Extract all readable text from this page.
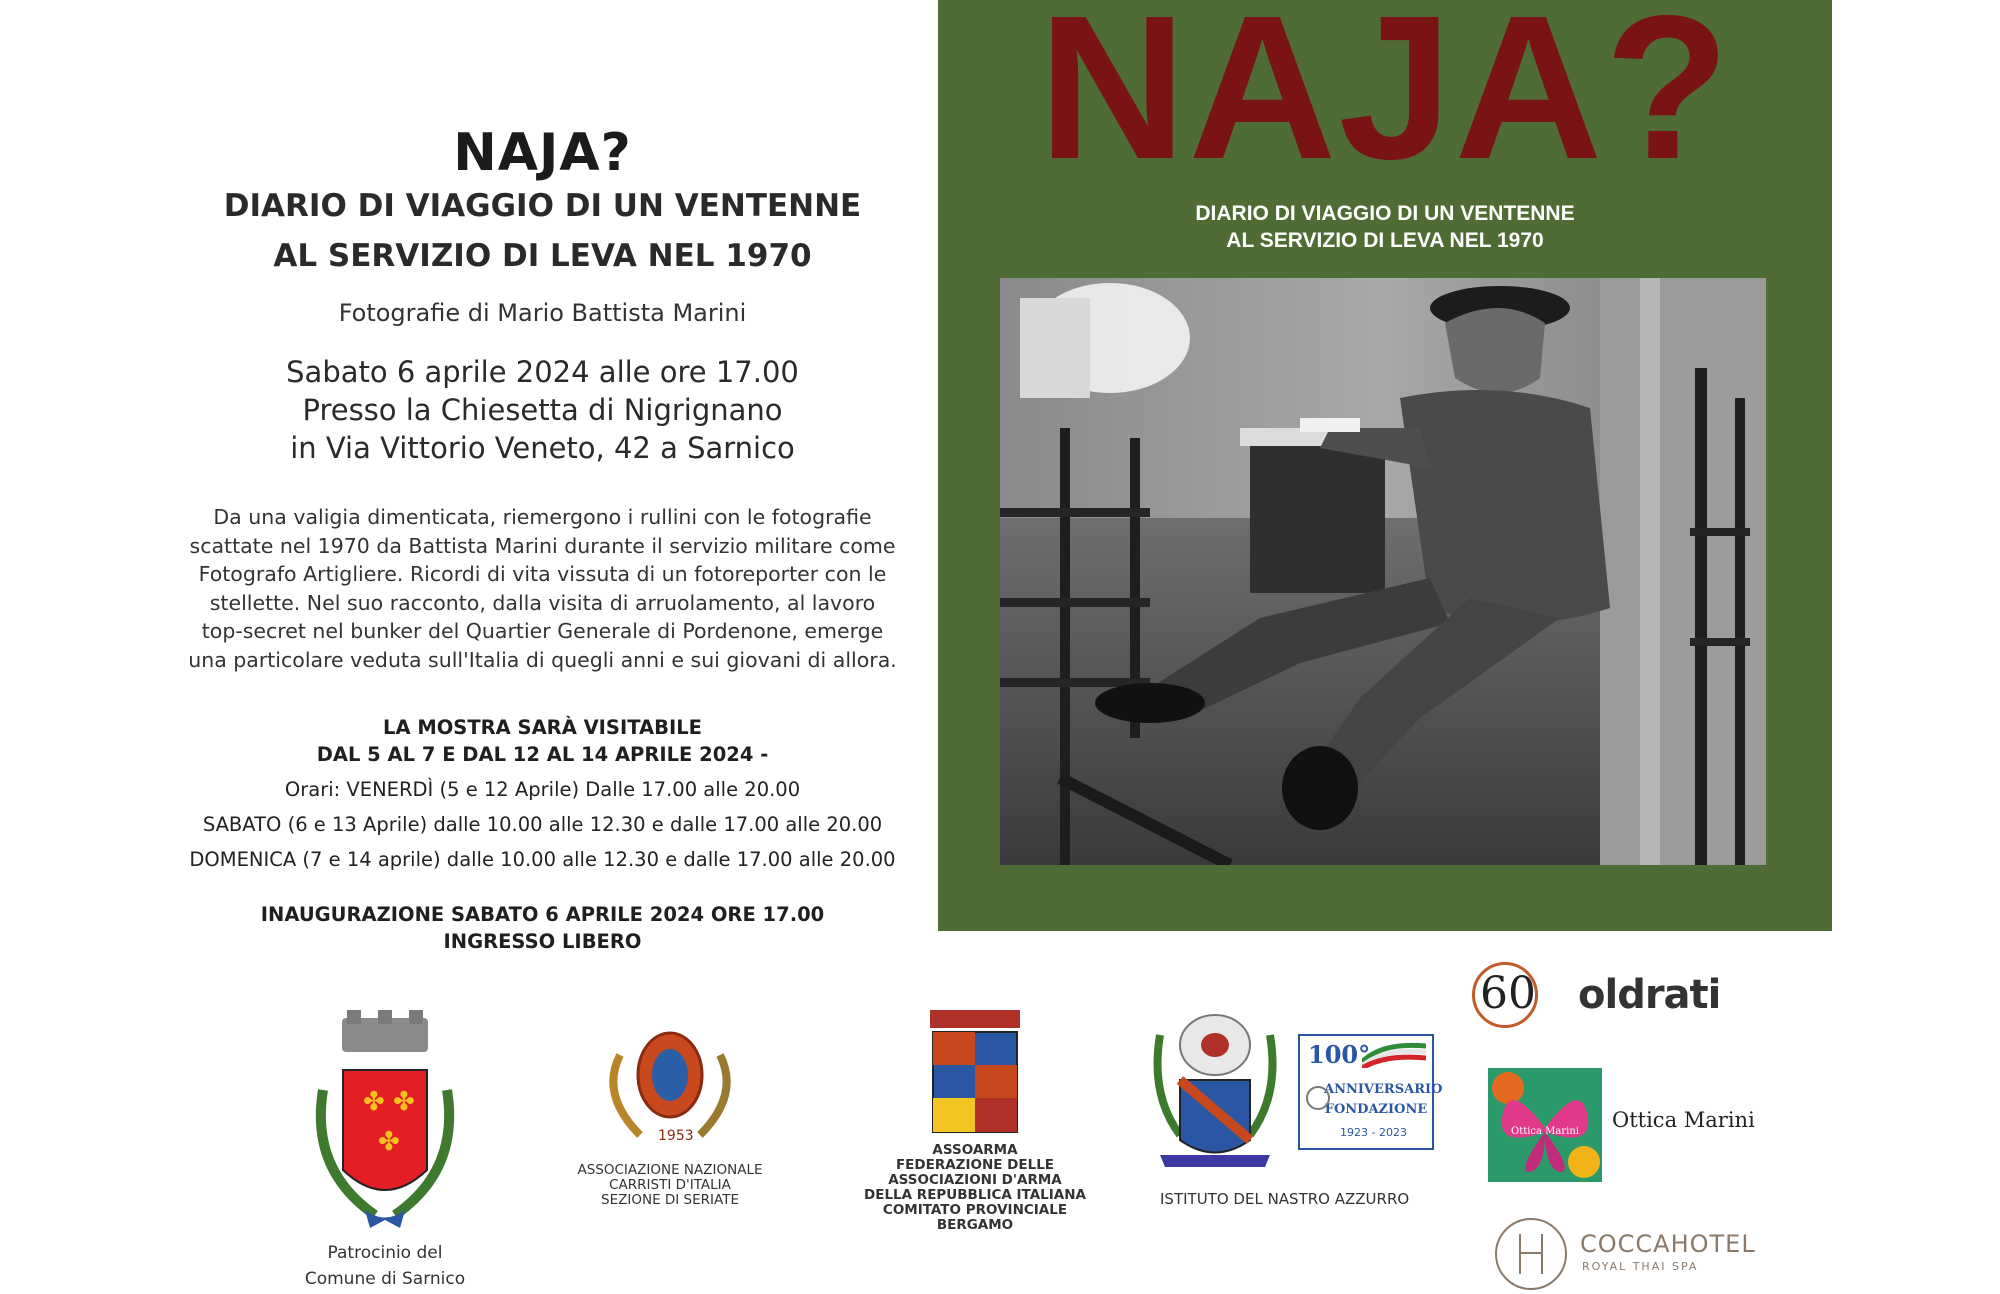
NAJA?
DIARIO DI VIAGGIO DI UN VENTENNE
AL SERVIZIO DI LEVA NEL 1970
Fotografie di Mario Battista Marini
Sabato 6 aprile 2024 alle ore 17.00
Presso la Chiesetta di Nigrignano
in Via Vittorio Veneto, 42 a Sarnico
Da una valigia dimenticata, riemergono i rullini con le fotografie
scattate nel 1970 da Battista Marini durante il servizio militare come
Fotografo Artigliere. Ricordi di vita vissuta di un fotoreporter con le
stellette. Nel suo racconto, dalla visita di arruolamento, al lavoro
top-secret nel bunker del Quartier Generale di Pordenone, emerge
una particolare veduta sull'Italia di quegli anni e sui giovani di allora.
LA MOSTRA SARÀ VISITABILE
DAL 5 AL 7 E DAL 12 AL 14 APRILE 2024 -
Orari: VENERDÌ (5 e 12 Aprile) Dalle 17.00 alle 20.00
SABATO (6 e 13 Aprile) dalle 10.00 alle 12.30 e dalle 17.00 alle 20.00
DOMENICA (7 e 14 aprile) dalle 10.00 alle 12.30 e dalle 17.00 alle 20.00
INAUGURAZIONE SABATO 6 APRILE 2024 ORE 17.00
INGRESSO LIBERO
NAJA?
DIARIO DI VIAGGIO DI UN VENTENNE
AL SERVIZIO DI LEVA NEL 1970
✤ ✤
✤
Patrocinio del
Comune di Sarnico
1953
ASSOCIAZIONE NAZIONALE
CARRISTI D'ITALIA
SEZIONE DI SERIATE
ASSOARMA
FEDERAZIONE DELLE
ASSOCIAZIONI D'ARMA
DELLA REPUBBLICA ITALIANA
COMITATO PROVINCIALE BERGAMO
ISTITUTO DEL NASTRO AZZURRO
100°
ANNIVERSARIO
FONDAZIONE
1923 - 2023
60 oldrati
Ottica Marini Ottica Marini
COCCAHOTEL
ROYAL THAI SPA
